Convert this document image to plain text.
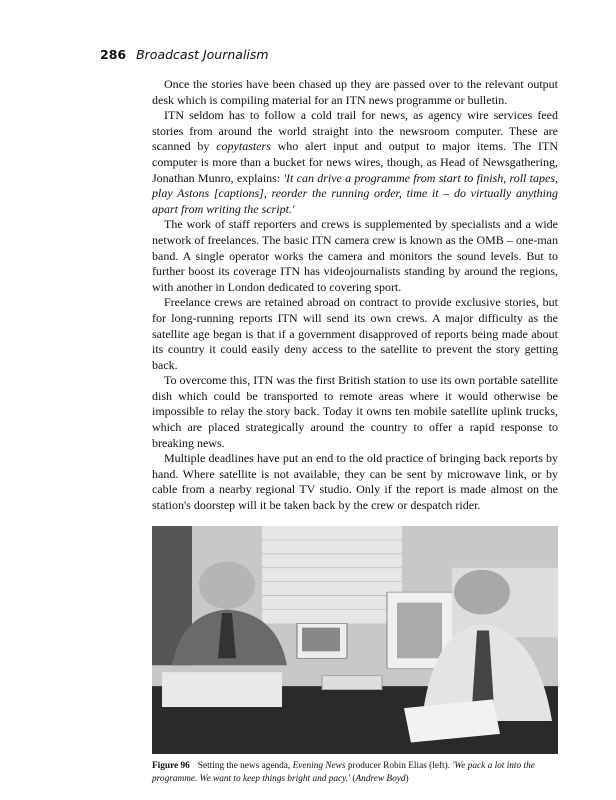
286 Broadcast Journalism

Once the stories have been chased up they are passed over to the relevant output desk which is compiling material for an ITN news programme or bulletin.

ITN seldom has to follow a cold trail for news, as agency wire services feed stories from around the world straight into the newsroom computer. These are scanned by copytasters who alert input and output to major items. The ITN computer is more than a bucket for news wires, though, as Head of Newsgathering, Jonathan Munro, explains: 'It can drive a programme from start to finish, roll tapes, play Astons [captions], reorder the running order, time it – do virtually anything apart from writing the script.'

The work of staff reporters and crews is supplemented by specialists and a wide network of freelances. The basic ITN camera crew is known as the OMB – one-man band. A single operator works the camera and monitors the sound levels. But to further boost its coverage ITN has videojournalists standing by around the regions, with another in London dedicated to covering sport.

Freelance crews are retained abroad on contract to provide exclusive stories, but for long-running reports ITN will send its own crews. A major difficulty as the satellite age began is that if a government disapproved of reports being made about its country it could easily deny access to the satellite to prevent the story getting back.

To overcome this, ITN was the first British station to use its own portable satellite dish which could be transported to remote areas where it would otherwise be impossible to relay the story back. Today it owns ten mobile satellite uplink trucks, which are placed strategically around the country to offer a rapid response to breaking news.

Multiple deadlines have put an end to the old practice of bringing back reports by hand. Where satellite is not available, they can be sent by microwave link, or by cable from a nearby regional TV studio. Only if the report is made almost on the station's doorstep will it be taken back by the crew or despatch rider.

Figure 96 Setting the news agenda, Evening News producer Robin Elias (left). 'We pack a lot into the programme. We want to keep things bright and pacy.' (Andrew Boyd)
